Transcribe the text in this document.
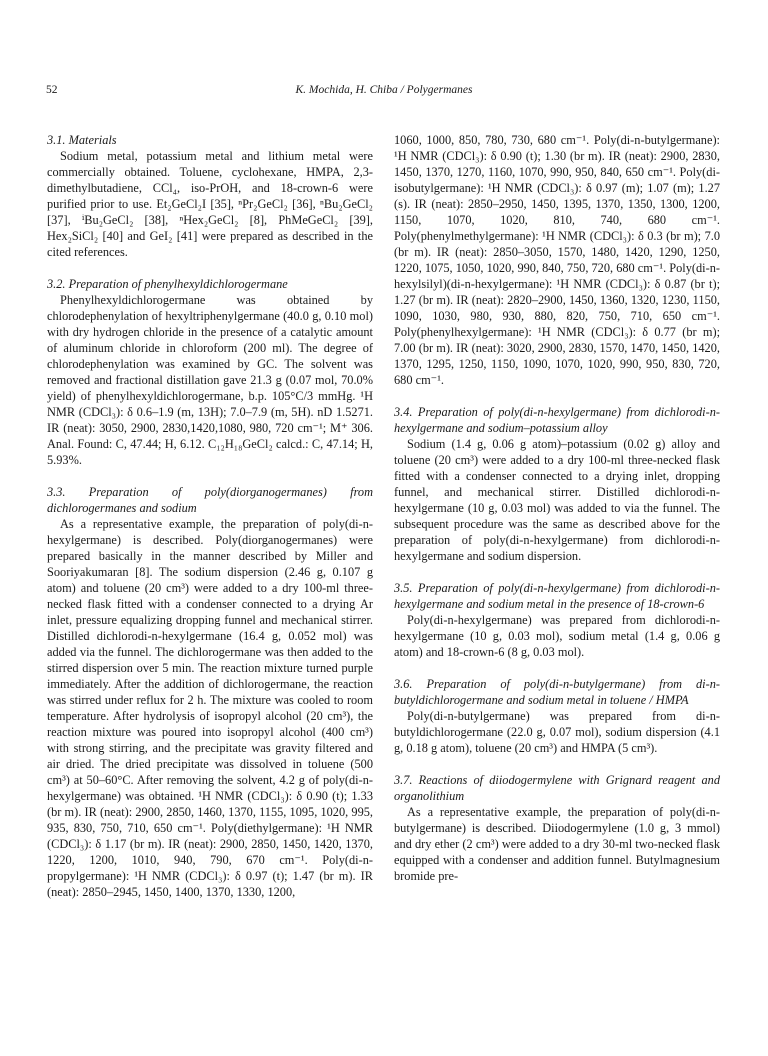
52	K. Mochida, H. Chiba / Polygermanes

3.1. Materials

Sodium metal, potassium metal and lithium metal were commercially obtained. Toluene, cyclohexane, HMPA, 2,3-dimethylbutadiene, CCl₄, iso-PrOH, and 18-crown-6 were purified prior to use. Et₂GeCl₂I [35], ⁿPr₂GeCl₂ [36], ⁿBu₂GeCl₂ [37], ⁱBu₂GeCl₂ [38], ⁿHex₂GeCl₂ [8], PhMeGeCl₂ [39], Hex₂SiCl₂ [40] and GeI₂ [41] were prepared as described in the cited references.

3.2. Preparation of phenylhexyldichlorogermane

Phenylhexyldichlorogermane was obtained by chlorodephenylation of hexyltriphenylgermane (40.0 g, 0.10 mol) with dry hydrogen chloride in the presence of a catalytic amount of aluminum chloride in chloroform (200 ml). The degree of chlorodephenylation was examined by GC. The solvent was removed and fractional distillation gave 21.3 g (0.07 mol, 70.0% yield) of phenylhexyldichlorogermane, b.p. 105°C/3 mmHg. ¹H NMR (CDCl₃): δ 0.6–1.9 (m, 13H); 7.0–7.9 (m, 5H). nD 1.5271. IR (neat): 3050, 2900, 2830,1420,1080, 980, 720 cm⁻¹; M⁺ 306. Anal. Found: C, 47.44; H, 6.12. C₁₂H₁₈GeCl₂ calcd.: C, 47.14; H, 5.93%.

3.3. Preparation of poly(diorganogermanes) from dichlorogermanes and sodium

As a representative example, the preparation of poly(di-n-hexylgermane) is described. Poly(diorganogermanes) were prepared basically in the manner described by Miller and Sooriyakumaran [8]. The sodium dispersion (2.46 g, 0.107 g atom) and toluene (20 cm³) were added to a dry 100-ml three-necked flask fitted with a condenser connected to a drying Ar inlet, pressure equalizing dropping funnel and mechanical stirrer. Distilled dichlorodi-n-hexylgermane (16.4 g, 0.052 mol) was added via the funnel. The dichlorogermane was then added to the stirred dispersion over 5 min. The reaction mixture turned purple immediately. After the addition of dichlorogermane, the reaction was stirred under reflux for 2 h. The mixture was cooled to room temperature. After hydrolysis of isopropyl alcohol (20 cm³), the reaction mixture was poured into isopropyl alcohol (400 cm³) with strong stirring, and the precipitate was gravity filtered and air dried. The dried precipitate was dissolved in toluene (500 cm³) at 50–60°C. After removing the solvent, 4.2 g of poly(di-n-hexylgermane) was obtained. ¹H NMR (CDCl₃): δ 0.90 (t); 1.33 (br m). IR (neat): 2900, 2850, 1460, 1370, 1155, 1095, 1020, 995, 935, 830, 750, 710, 650 cm⁻¹. Poly(diethylgermane): ¹H NMR (CDCl₃): δ 1.17 (br m). IR (neat): 2900, 2850, 1450, 1420, 1370, 1220, 1200, 1010, 940, 790, 670 cm⁻¹. Poly(di-n-propylgermane): ¹H NMR (CDCl₃): δ 0.97 (t); 1.47 (br m). IR (neat): 2850–2945, 1450, 1400, 1370, 1330, 1200,

1060, 1000, 850, 780, 730, 680 cm⁻¹. Poly(di-n-butylgermane): ¹H NMR (CDCl₃): δ 0.90 (t); 1.30 (br m). IR (neat): 2900, 2830, 1450, 1370, 1270, 1160, 1070, 990, 950, 840, 650 cm⁻¹. Poly(di-isobutylgermane): ¹H NMR (CDCl₃): δ 0.97 (m); 1.07 (m); 1.27 (s). IR (neat): 2850–2950, 1450, 1395, 1370, 1350, 1300, 1200, 1150, 1070, 1020, 810, 740, 680 cm⁻¹. Poly(phenylmethylgermane): ¹H NMR (CDCl₃): δ 0.3 (br m); 7.0 (br m). IR (neat): 2850–3050, 1570, 1480, 1420, 1290, 1250, 1220, 1075, 1050, 1020, 990, 840, 750, 720, 680 cm⁻¹. Poly(di-n-hexylsilyl)(di-n-hexylgermane): ¹H NMR (CDCl₃): δ 0.87 (br t); 1.27 (br m). IR (neat): 2820–2900, 1450, 1360, 1320, 1230, 1150, 1090, 1030, 980, 930, 880, 820, 750, 710, 650 cm⁻¹. Poly(phenylhexylgermane): ¹H NMR (CDCl₃): δ 0.77 (br m); 7.00 (br m). IR (neat): 3020, 2900, 2830, 1570, 1470, 1450, 1420, 1370, 1295, 1250, 1150, 1090, 1070, 1020, 990, 950, 830, 720, 680 cm⁻¹.

3.4. Preparation of poly(di-n-hexylgermane) from dichlorodi-n-hexylgermane and sodium–potassium alloy

Sodium (1.4 g, 0.06 g atom)–potassium (0.02 g) alloy and toluene (20 cm³) were added to a dry 100-ml three-necked flask fitted with a condenser connected to a drying inlet, dropping funnel, and mechanical stirrer. Distilled dichlorodi-n-hexylgermane (10 g, 0.03 mol) was added to via the funnel. The subsequent procedure was the same as described above for the preparation of poly(di-n-hexylgermane) from dichlorodi-n-hexylgermane and sodium dispersion.

3.5. Preparation of poly(di-n-hexylgermane) from dichlorodi-n-hexylgermane and sodium metal in the presence of 18-crown-6

Poly(di-n-hexylgermane) was prepared from dichlorodi-n-hexylgermane (10 g, 0.03 mol), sodium metal (1.4 g, 0.06 g atom) and 18-crown-6 (8 g, 0.03 mol).

3.6. Preparation of poly(di-n-butylgermane) from di-n-butyldichlorogermane and sodium metal in toluene / HMPA

Poly(di-n-butylgermane) was prepared from di-n-butyldichlorogermane (22.0 g, 0.07 mol), sodium dispersion (4.1 g, 0.18 g atom), toluene (20 cm³) and HMPA (5 cm³).

3.7. Reactions of diiodogermylene with Grignard reagent and organolithium

As a representative example, the preparation of poly(di-n-butylgermane) is described. Diiodogermylene (1.0 g, 3 mmol) and dry ether (2 cm³) were added to a dry 30-ml two-necked flask equipped with a condenser and addition funnel. Butylmagnesium bromide pre-
